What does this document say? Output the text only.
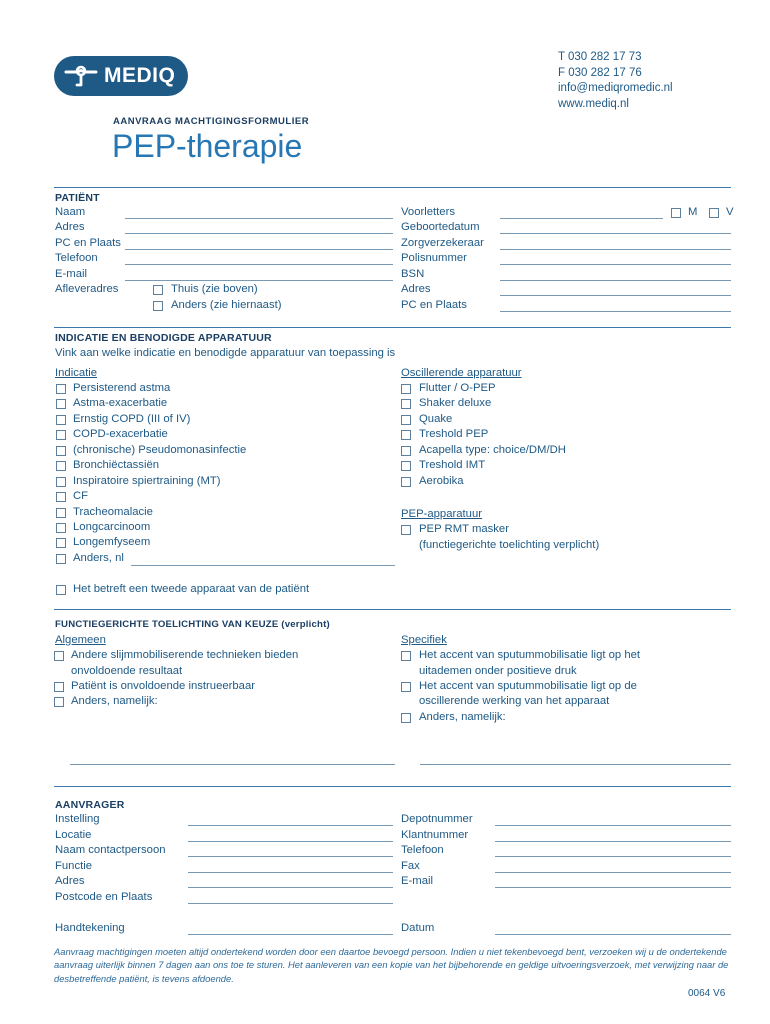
MEDIQ
T 030 282 17 73
F 030 282 17 76
info@mediqromedic.nl
www.mediq.nl
AANVRAAG MACHTIGINGSFORMULIER
PEP-therapie
PATIËNT
Naam
Adres
PC en Plaats
Telefoon
E-mail
Afleveradres	Thuis (zie boven)
Anders (zie hiernaast)
Voorletters	M	V
Geboortedatum
Zorgverzekeraar
Polisnummer
BSN
Adres
PC en Plaats
INDICATIE EN BENODIGDE APPARATUUR
Vink aan welke indicatie en benodigde apparatuur van toepassing is
Indicatie
Persisterend astma
Astma-exacerbatie
Ernstig COPD (III of IV)
COPD-exacerbatie
(chronische) Pseudomonasinfectie
Bronchiëctassiën
Inspiratoire spiertraining (MT)
CF
Tracheomalacie
Longcarcinoom
Longemfyseem
Anders, nl
Oscillerende apparatuur
Flutter / O-PEP
Shaker deluxe
Quake
Treshold PEP
Acapella type: choice/DM/DH
Treshold IMT
Aerobika
PEP-apparatuur
PEP RMT masker
(functiegerichte toelichting verplicht)
Het betreft een tweede apparaat van de patiënt
FUNCTIEGERICHTE TOELICHTING VAN KEUZE (verplicht)
Algemeen
Andere slijmmobiliserende technieken bieden
onvoldoende resultaat
Patiënt is onvoldoende instrueerbaar
Anders, namelijk:
Specifiek
Het accent van sputummobilisatie ligt op het
uitademen onder positieve druk
Het accent van sputummobilisatie ligt op de
oscillerende werking van het apparaat
Anders, namelijk:
AANVRAGER
Instelling
Locatie
Naam contactpersoon
Functie
Adres
Postcode en Plaats
Depotnummer
Klantnummer
Telefoon
Fax
E-mail
Handtekening	Datum
Aanvraag machtigingen moeten altijd ondertekend worden door een daartoe bevoegd persoon. Indien u niet tekenbevoegd bent, verzoeken wij u de ondertekende aanvraag uiterlijk binnen 7 dagen aan ons toe te sturen. Het aanleveren van een kopie van het bijbehorende en geldige uitvoeringsverzoek, met verwijzing naar de desbetreffende patiënt, is tevens afdoende.
0064 V6
